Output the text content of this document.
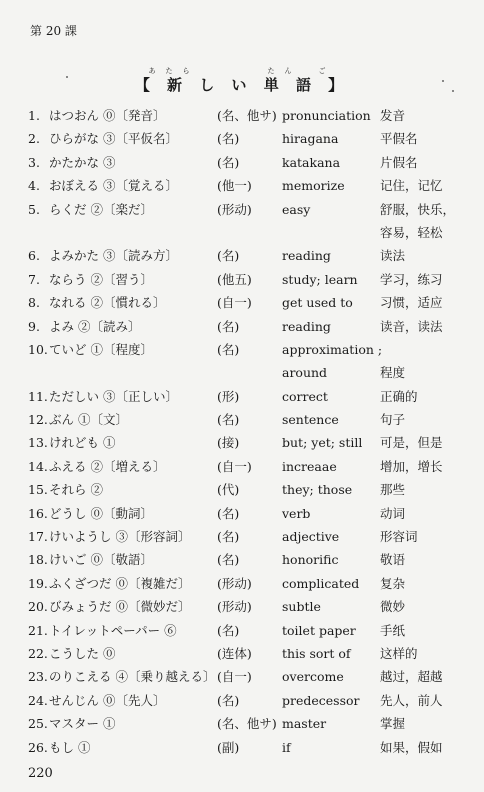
第 20 課
あたら　　　　たん　ご
【 新 し い 単 語 】
1. はつおん ⓪〔発音〕	(名、他サ) pronunciation 发音
2. ひらがな ③〔平仮名〕	(名)	hiragana	平假名
3. かたかな ③	(名)	katakana	片假名
4. おぼえる ③〔覚える〕	(他一) memorize	记住，记忆
5. らくだ ②〔楽だ〕	(形动) easy	舒服，快乐，
容易，轻松
6. よみかた ③〔読み方〕	(名)	reading	读法
7. ならう ②〔習う〕	(他五) study; learn 学习，练习
8. なれる ②〔慣れる〕	(自一) get used to 习惯，适应
9. よみ ②〔読み〕	(名)	reading	读音，读法
10. ていど ①〔程度〕	(名)	approximation ;
around	程度
11. ただしい ③〔正しい〕	(形)	correct	正确的
12. ぶん ①〔文〕	(名)	sentence	句子
13. けれども ①	(接)	but; yet; still 可是，但是
14. ふえる ②〔増える〕	(自一) increaae	增加，增长
15. それら ②	(代)	they; those 那些
16. どうし ⓪〔動詞〕	(名)	verb	动词
17. けいようし ③〔形容詞〕 (名)	adjective	形容词
18. けいご ⓪〔敬語〕	(名)	honorific	敬语
19. ふくざつだ ⓪〔複雑だ〕 (形动) complicated 复杂
20. びみょうだ ⓪〔微妙だ〕 (形动) subtle	微妙
21. トイレットペーパー ⑥	(名)	toilet paper 手纸
22. こうした ⓪	(连体) this sort of 这样的
23. のりこえる ④〔乗り越える〕 (自一) overcome	越过，超越
24. せんじん ⓪〔先人〕	(名)	predecessor 先人，前人
25. マスター ①	(名、他サ) master	掌握
26. もし ①	(副)	if	如果，假如
220
